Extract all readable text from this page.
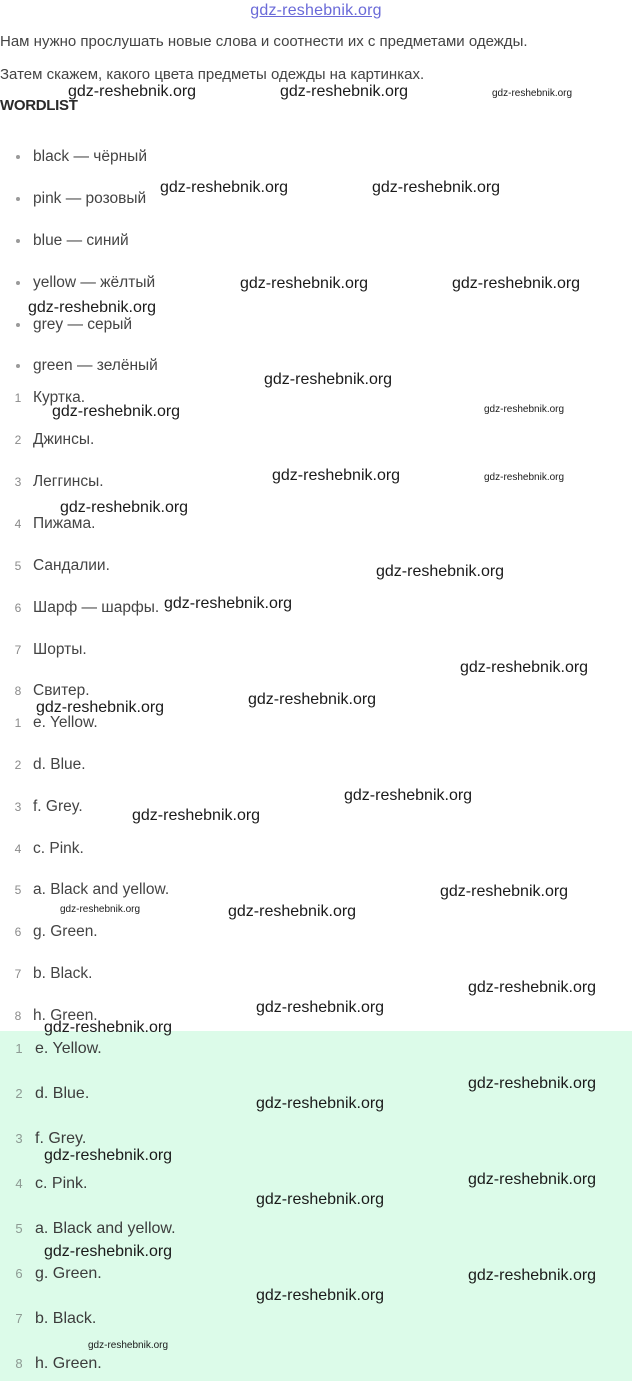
gdz-reshebnik.org
Нам нужно прослушать новые слова и соотнести их с предметами одежды.
Затем скажем, какого цвета предметы одежды на картинках.
WORDLIST
black — чёрный
pink — розовый
blue — синий
yellow — жёлтый
grey — серый
green — зелёный
1 Куртка.
2 Джинсы.
3 Леггинсы.
4 Пижама.
5 Сандалии.
6 Шарф — шарфы.
7 Шорты.
8 Свитер.
1 e. Yellow.
2 d. Blue.
3 f. Grey.
4 c. Pink.
5 a. Black and yellow.
6 g. Green.
7 b. Black.
8 h. Green.
1 e. Yellow.
2 d. Blue.
3 f. Grey.
4 c. Pink.
5 a. Black and yellow.
6 g. Green.
7 b. Black.
8 h. Green.
gdz-reshebnik.org	gdz-reshebnik.org	gdz-reshebnik.org
gdz-reshebnik.org	gdz-reshebnik.org
gdz-reshebnik.org	gdz-reshebnik.org
gdz-reshebnik.org
gdz-reshebnik.org
gdz-reshebnik.org	gdz-reshebnik.org
gdz-reshebnik.org	gdz-reshebnik.org
gdz-reshebnik.org
gdz-reshebnik.org
gdz-reshebnik.org
gdz-reshebnik.org
gdz-reshebnik.org
gdz-reshebnik.org
gdz-reshebnik.org
gdz-reshebnik.org
gdz-reshebnik.org
gdz-reshebnik.org	gdz-reshebnik.org
gdz-reshebnik.org
gdz-reshebnik.org
gdz-reshebnik.org
gdz-reshebnik.org
gdz-reshebnik.org
gdz-reshebnik.org
gdz-reshebnik.org
gdz-reshebnik.org
gdz-reshebnik.org
gdz-reshebnik.org
gdz-reshebnik.org
gdz-reshebnik.org
